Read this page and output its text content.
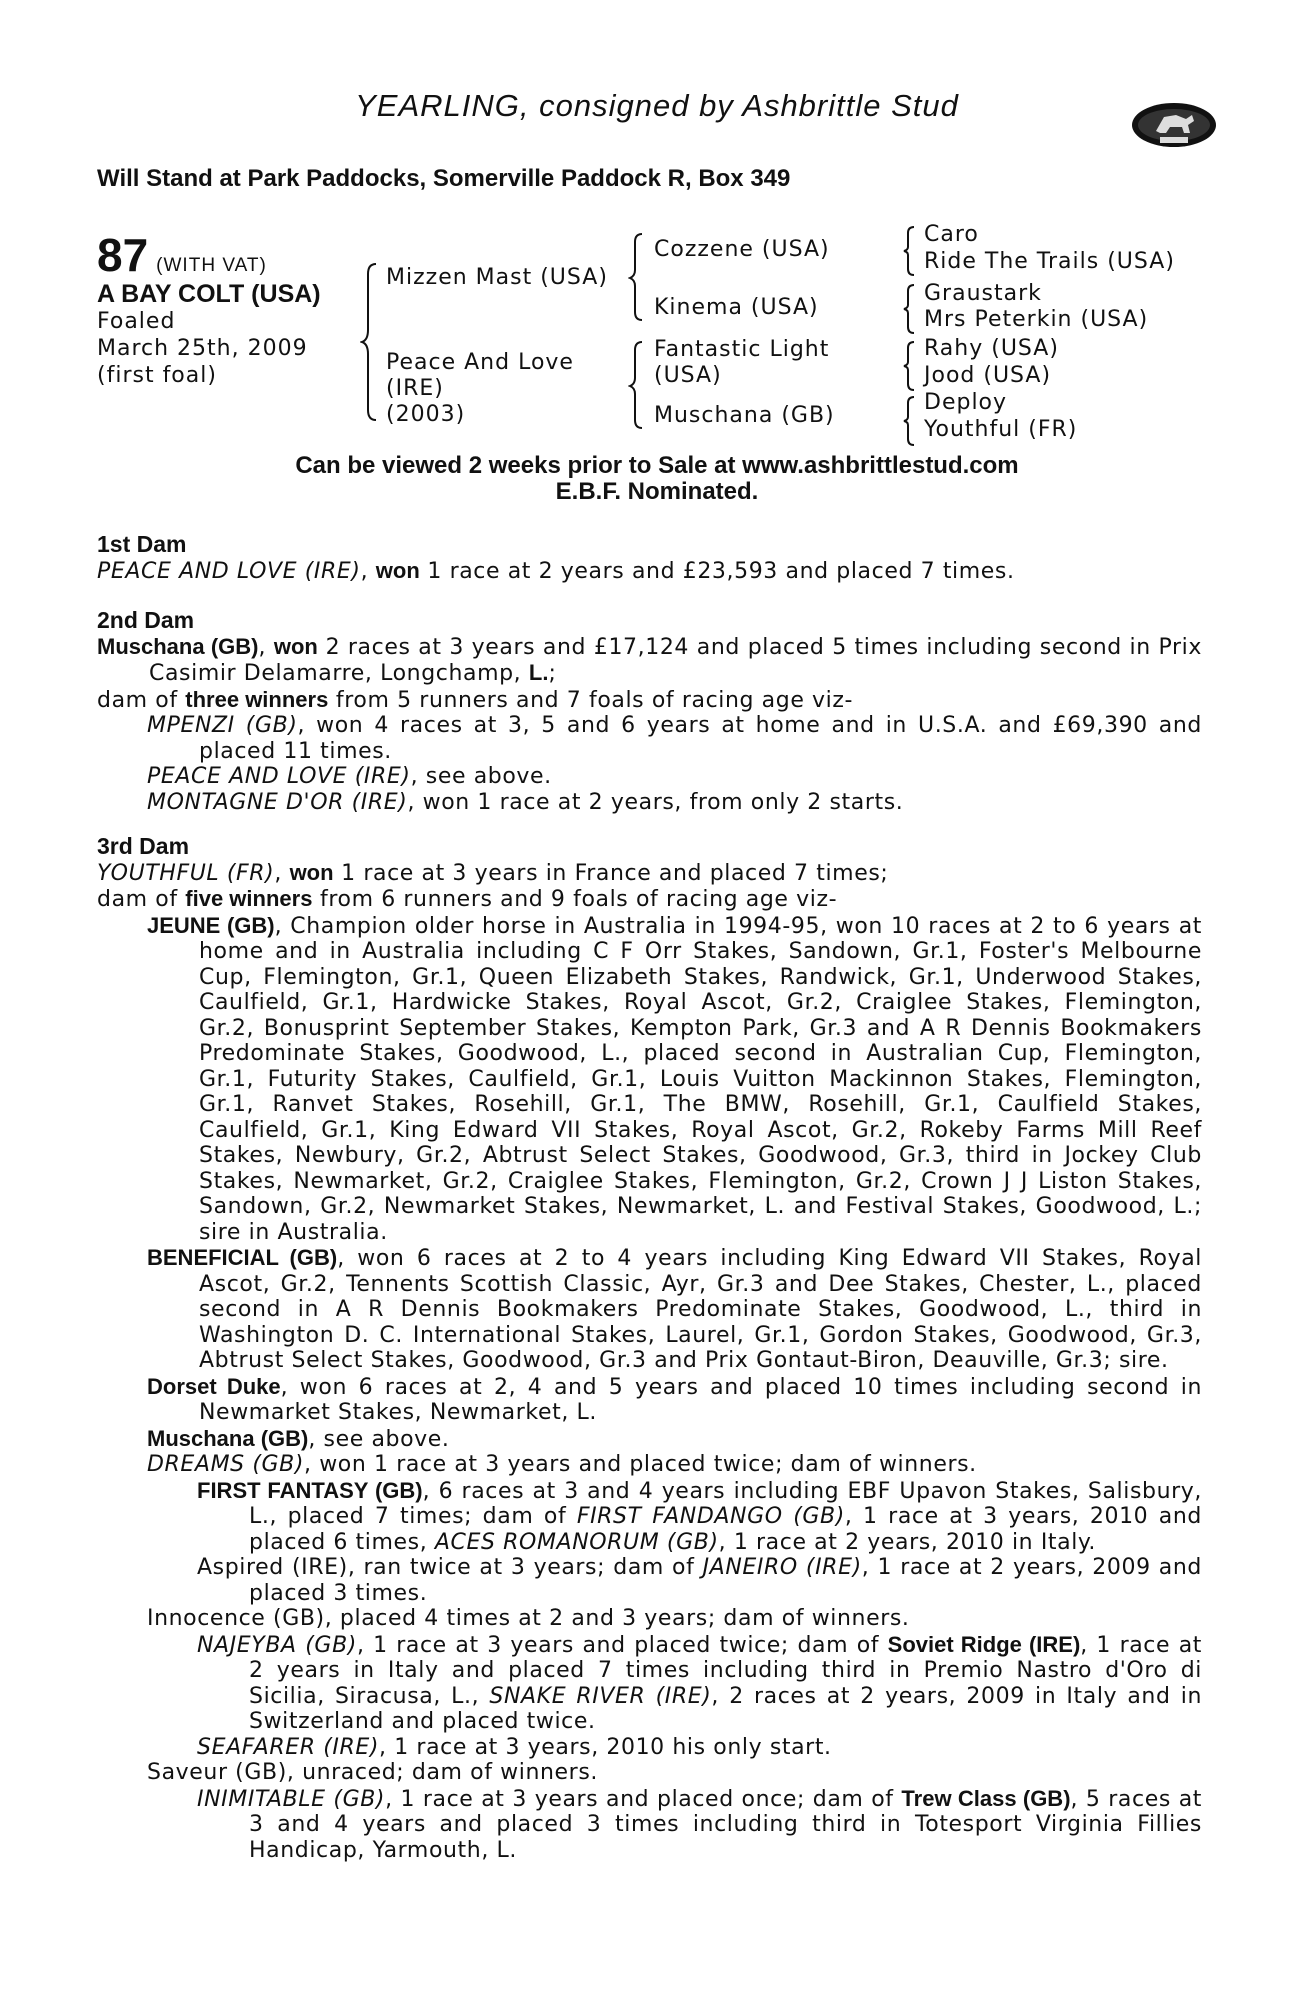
YEARLING, consigned by Ashbrittle Stud
Will Stand at Park Paddocks, Somerville Paddock R, Box 349
87 (WITH VAT)
A BAY COLT (USA)
Foaled
March 25th, 2009
(first foal)
Mizzen Mast (USA)
Peace And Love
(IRE)
(2003)
Cozzene (USA)
Kinema (USA)
Fantastic Light
(USA)
Muschana (GB)
Caro
Ride The Trails (USA)
Graustark
Mrs Peterkin (USA)
Rahy (USA)
Jood (USA)
Deploy
Youthful (FR)
Can be viewed 2 weeks prior to Sale at www.ashbrittlestud.com
E.B.F. Nominated.
1st Dam

PEACE AND LOVE (IRE), won 1 race at 2 years and £23,593 and placed 7 times.

2nd Dam

Muschana (GB), won 2 races at 3 years and £17,124 and placed 5 times including second in Prix Casimir Delamarre, Longchamp, L.;

dam of three winners from 5 runners and 7 foals of racing age viz-

MPENZI (GB), won 4 races at 3, 5 and 6 years at home and in U.S.A. and £69,390 and placed 11 times.

PEACE AND LOVE (IRE), see above.

MONTAGNE D'OR (IRE), won 1 race at 2 years, from only 2 starts.

3rd Dam

YOUTHFUL (FR), won 1 race at 3 years in France and placed 7 times;

dam of five winners from 6 runners and 9 foals of racing age viz-

JEUNE (GB), Champion older horse in Australia in 1994-95, won 10 races at 2 to 6 years at home and in Australia including C F Orr Stakes, Sandown, Gr.1, Foster's Melbourne Cup, Flemington, Gr.1, Queen Elizabeth Stakes, Randwick, Gr.1, Underwood Stakes, Caulfield, Gr.1, Hardwicke Stakes, Royal Ascot, Gr.2, Craiglee Stakes, Flemington, Gr.2, Bonusprint September Stakes, Kempton Park, Gr.3 and A R Dennis Bookmakers Predominate Stakes, Goodwood, L., placed second in Australian Cup, Flemington, Gr.1, Futurity Stakes, Caulfield, Gr.1, Louis Vuitton Mackinnon Stakes, Flemington, Gr.1, Ranvet Stakes, Rosehill, Gr.1, The BMW, Rosehill, Gr.1, Caulfield Stakes, Caulfield, Gr.1, King Edward VII Stakes, Royal Ascot, Gr.2, Rokeby Farms Mill Reef Stakes, Newbury, Gr.2, Abtrust Select Stakes, Goodwood, Gr.3, third in Jockey Club Stakes, Newmarket, Gr.2, Craiglee Stakes, Flemington, Gr.2, Crown J J Liston Stakes, Sandown, Gr.2, Newmarket Stakes, Newmarket, L. and Festival Stakes, Goodwood, L.; sire in Australia.

BENEFICIAL (GB), won 6 races at 2 to 4 years including King Edward VII Stakes, Royal Ascot, Gr.2, Tennents Scottish Classic, Ayr, Gr.3 and Dee Stakes, Chester, L., placed second in A R Dennis Bookmakers Predominate Stakes, Goodwood, L., third in Washington D. C. International Stakes, Laurel, Gr.1, Gordon Stakes, Goodwood, Gr.3, Abtrust Select Stakes, Goodwood, Gr.3 and Prix Gontaut-Biron, Deauville, Gr.3; sire.

Dorset Duke, won 6 races at 2, 4 and 5 years and placed 10 times including second in Newmarket Stakes, Newmarket, L.

Muschana (GB), see above.

DREAMS (GB), won 1 race at 3 years and placed twice; dam of winners.

FIRST FANTASY (GB), 6 races at 3 and 4 years including EBF Upavon Stakes, Salisbury, L., placed 7 times; dam of FIRST FANDANGO (GB), 1 race at 3 years, 2010 and placed 6 times, ACES ROMANORUM (GB), 1 race at 2 years, 2010 in Italy.

Aspired (IRE), ran twice at 3 years; dam of JANEIRO (IRE), 1 race at 2 years, 2009 and placed 3 times.

Innocence (GB), placed 4 times at 2 and 3 years; dam of winners.

NAJEYBA (GB), 1 race at 3 years and placed twice; dam of Soviet Ridge (IRE), 1 race at 2 years in Italy and placed 7 times including third in Premio Nastro d'Oro di Sicilia, Siracusa, L., SNAKE RIVER (IRE), 2 races at 2 years, 2009 in Italy and in Switzerland and placed twice.

SEAFARER (IRE), 1 race at 3 years, 2010 his only start.

Saveur (GB), unraced; dam of winners.

INIMITABLE (GB), 1 race at 3 years and placed once; dam of Trew Class (GB), 5 races at 3 and 4 years and placed 3 times including third in Totesport Virginia Fillies Handicap, Yarmouth, L.
